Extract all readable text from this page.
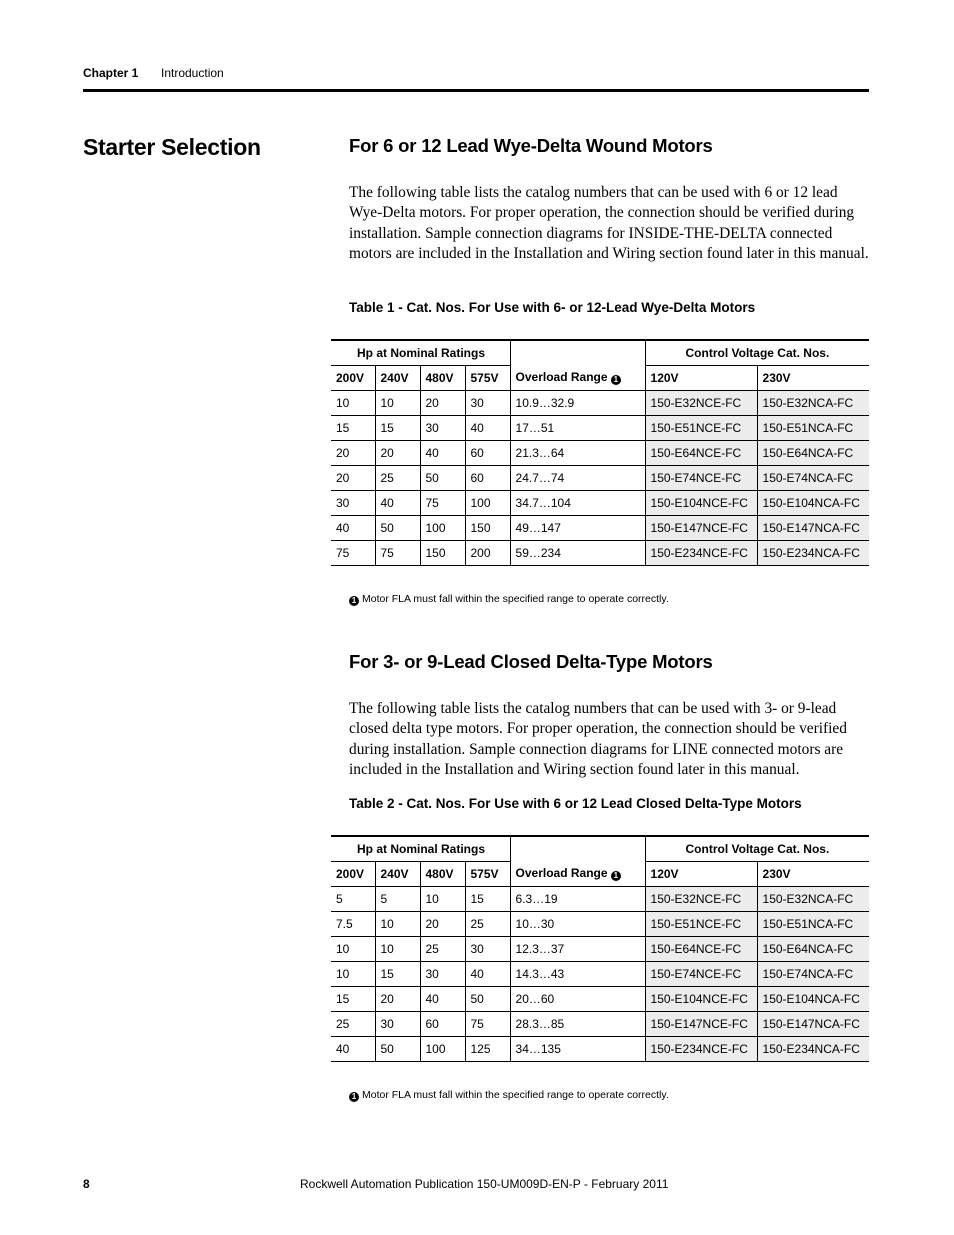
Chapter 1 Introduction
Starter Selection	For 6 or 12 Lead Wye-Delta Wound Motors

The following table lists the catalog numbers that can be used with 6 or 12 lead Wye-Delta motors. For proper operation, the connection should be verified during installation. Sample connection diagrams for INSIDE-THE-DELTA connected motors are included in the Installation and Wiring section found later in this manual.

Table 1 - Cat. Nos. For Use with 6- or 12-Lead Wye-Delta Motors

Hp at Nominal Ratings					Control Voltage Cat. Nos.	
200V	240V	480V	575V	Overload Range 1	120V	230V
10	10	20	30	10.9…32.9	150-E32NCE-FC	150-E32NCA-FC
15	15	30	40	17…51	150-E51NCE-FC	150-E51NCA-FC
20	20	40	60	21.3…64	150-E64NCE-FC	150-E64NCA-FC
20	25	50	60	24.7…74	150-E74NCE-FC	150-E74NCA-FC
30	40	75	100	34.7…104	150-E104NCE-FC	150-E104NCA-FC
40	50	100	150	49…147	150-E147NCE-FC	150-E147NCA-FC
75	75	150	200	59…234	150-E234NCE-FC	150-E234NCA-FC
1 Motor FLA must fall within the specified range to operate correctly.
For 3- or 9-Lead Closed Delta-Type Motors

The following table lists the catalog numbers that can be used with 3- or 9-lead closed delta type motors. For proper operation, the connection should be verified during installation. Sample connection diagrams for LINE connected motors are included in the Installation and Wiring section found later in this manual.

Table 2 - Cat. Nos. For Use with 6 or 12 Lead Closed Delta-Type Motors

Hp at Nominal Ratings					Control Voltage Cat. Nos.	
200V	240V	480V	575V	Overload Range 1	120V	230V
5	5	10	15	6.3…19	150-E32NCE-FC	150-E32NCA-FC
7.5	10	20	25	10…30	150-E51NCE-FC	150-E51NCA-FC
10	10	25	30	12.3…37	150-E64NCE-FC	150-E64NCA-FC
10	15	30	40	14.3…43	150-E74NCE-FC	150-E74NCA-FC
15	20	40	50	20…60	150-E104NCE-FC	150-E104NCA-FC
25	30	60	75	28.3…85	150-E147NCE-FC	150-E147NCA-FC
40	50	100	125	34…135	150-E234NCE-FC	150-E234NCA-FC
1 Motor FLA must fall within the specified range to operate correctly.
8	Rockwell Automation Publication 150-UM009D-EN-P - February 2011
